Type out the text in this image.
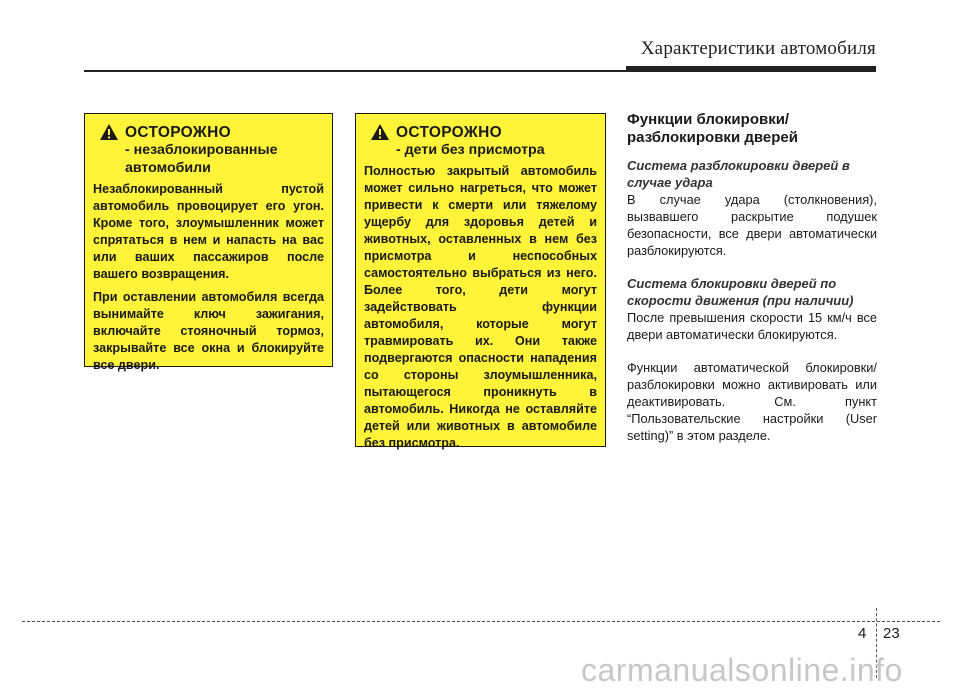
Характеристики автомобиля
ОСТОРОЖНО
- незаблокированные
автомобили

Незаблокированный пустой автомобиль провоцирует его угон. Кроме того, злоумышленник может спрятаться в нем и напасть на вас или ваших пассажиров после вашего возвращения.

При оставлении автомобиля всегда вынимайте ключ зажигания, включайте стояночный тормоз, закрывайте все окна и блокируйте все двери.

ОСТОРОЖНО
- дети без присмотра

Полностью закрытый автомобиль может сильно нагреться, что может привести к смерти или тяжелому ущербу для здоровья детей и животных, оставленных в нем без присмотра и неспособных самостоятельно выбраться из него. Более того, дети могут задействовать функции автомобиля, которые могут травмировать их. Они также подвергаются опасности нападения со стороны злоумышленника, пытающегося проникнуть в автомобиль. Никогда не оставляйте детей или животных в автомобиле без присмотра.

Функции блокировки/ разблокировки дверей
Система разблокировки дверей в случае удара

В случае удара (столкновения), вызвавшего раскрытие подушек безопасности, все двери автоматически разблокируются.

Система блокировки дверей по скорости движения (при наличии)

После превышения скорости 15 км/ч все двери автоматически блокируются.

Функции автоматической блокировки/разблокировки можно активировать или деактивировать. См. пункт “Пользовательские настройки (User setting)” в этом разделе.

4 23
carmanualsonline.info
